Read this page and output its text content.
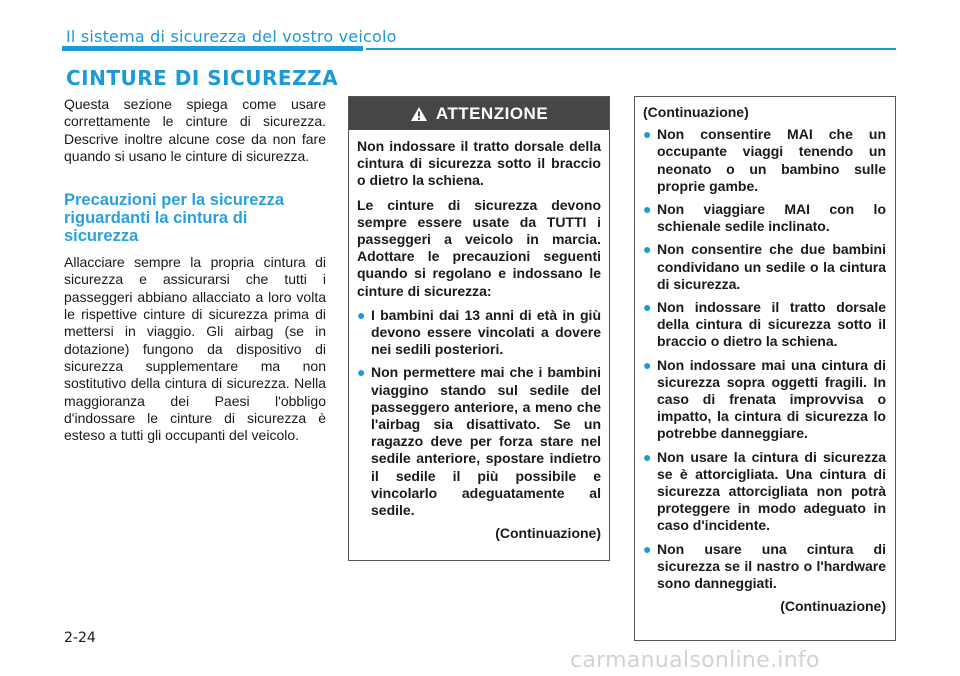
Il sistema di sicurezza del vostro veicolo
CINTURE DI SICUREZZA

Questa sezione spiega come usare correttamente le cinture di sicurezza. Descrive inoltre alcune cose da non fare quando si usano le cinture di sicurezza.

Precauzioni per la sicurezza riguardanti la cintura di sicurezza

Allacciare sempre la propria cintura di sicurezza e assicurarsi che tutti i passeggeri abbiano allacciato a loro volta le rispettive cinture di sicurezza prima di mettersi in viaggio. Gli airbag (se in dotazione) fungono da dispositivo di sicurezza supplementare ma non sostitutivo della cintura di sicurezza. Nella maggioranza dei Paesi l'obbligo d'indossare le cinture di sicurezza è esteso a tutti gli occupanti del veicolo.

ATTENZIONE

Non indossare il tratto dorsale della cintura di sicurezza sotto il braccio o dietro la schiena.

Le cinture di sicurezza devono sempre essere usate da TUTTI i passeggeri a veicolo in marcia. Adottare le precauzioni seguenti quando si regolano e indossano le cinture di sicurezza:

● I bambini dai 13 anni di età in giù devono essere vincolati a dovere nei sedili posteriori.
● Non permettere mai che i bambini viaggino stando sul sedile del passeggero anteriore, a meno che l'airbag sia disattivato. Se un ragazzo deve per forza stare nel sedile anteriore, spostare indietro il sedile il più possibile e vincolarlo adeguatamente al sedile.
(Continuazione)
(Continuazione)
● Non consentire MAI che un occupante viaggi tenendo un neonato o un bambino sulle proprie gambe.
● Non viaggiare MAI con lo schienale sedile inclinato.
● Non consentire che due bambini condividano un sedile o la cintura di sicurezza.
● Non indossare il tratto dorsale della cintura di sicurezza sotto il braccio o dietro la schiena.
● Non indossare mai una cintura di sicurezza sopra oggetti fragili. In caso di frenata improvvisa o impatto, la cintura di sicurezza lo potrebbe danneggiare.
● Non usare la cintura di sicurezza se è attorcigliata. Una cintura di sicurezza attorcigliata non potrà proteggere in modo adeguato in caso d'incidente.
● Non usare una cintura di sicurezza se il nastro o l'hardware sono danneggiati.
(Continuazione)
2-24
carmanualsonline.info
